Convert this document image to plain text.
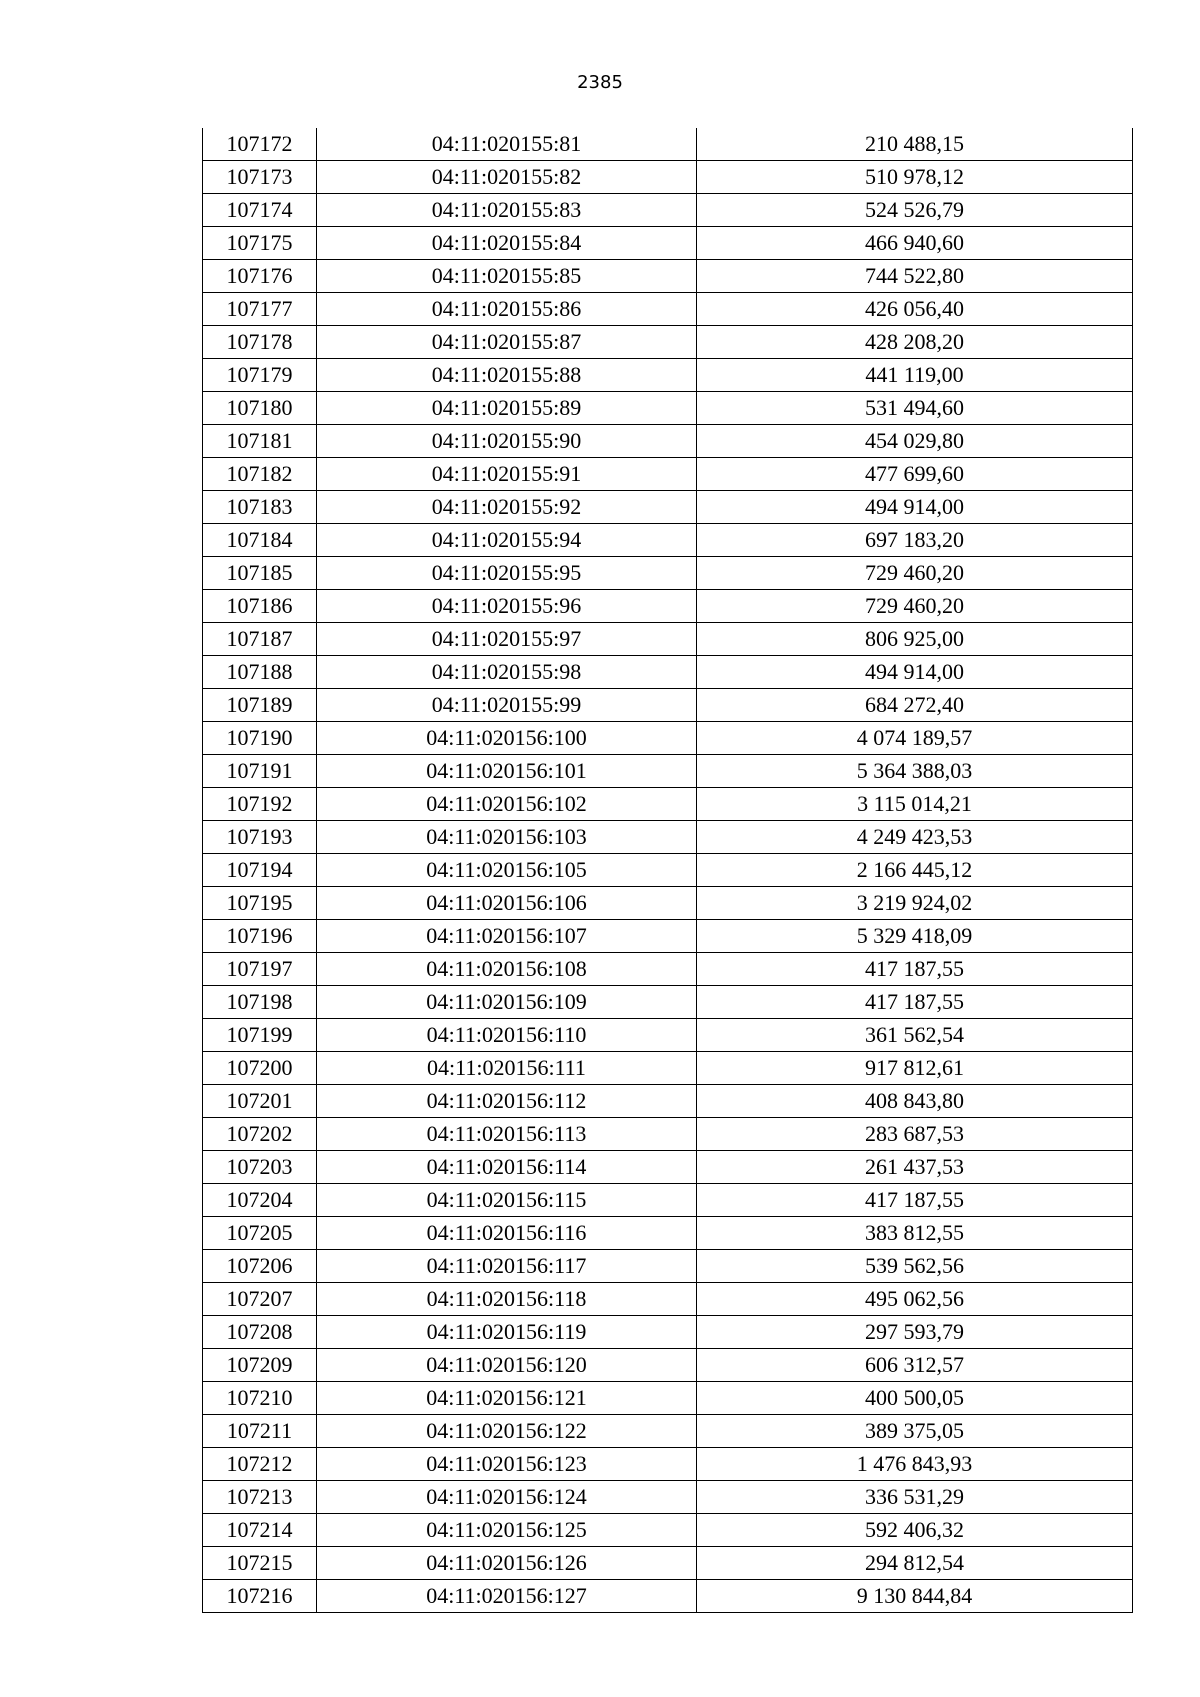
2385
107172	04:11:020155:81	210 488,15
107173	04:11:020155:82	510 978,12
107174	04:11:020155:83	524 526,79
107175	04:11:020155:84	466 940,60
107176	04:11:020155:85	744 522,80
107177	04:11:020155:86	426 056,40
107178	04:11:020155:87	428 208,20
107179	04:11:020155:88	441 119,00
107180	04:11:020155:89	531 494,60
107181	04:11:020155:90	454 029,80
107182	04:11:020155:91	477 699,60
107183	04:11:020155:92	494 914,00
107184	04:11:020155:94	697 183,20
107185	04:11:020155:95	729 460,20
107186	04:11:020155:96	729 460,20
107187	04:11:020155:97	806 925,00
107188	04:11:020155:98	494 914,00
107189	04:11:020155:99	684 272,40
107190	04:11:020156:100	4 074 189,57
107191	04:11:020156:101	5 364 388,03
107192	04:11:020156:102	3 115 014,21
107193	04:11:020156:103	4 249 423,53
107194	04:11:020156:105	2 166 445,12
107195	04:11:020156:106	3 219 924,02
107196	04:11:020156:107	5 329 418,09
107197	04:11:020156:108	417 187,55
107198	04:11:020156:109	417 187,55
107199	04:11:020156:110	361 562,54
107200	04:11:020156:111	917 812,61
107201	04:11:020156:112	408 843,80
107202	04:11:020156:113	283 687,53
107203	04:11:020156:114	261 437,53
107204	04:11:020156:115	417 187,55
107205	04:11:020156:116	383 812,55
107206	04:11:020156:117	539 562,56
107207	04:11:020156:118	495 062,56
107208	04:11:020156:119	297 593,79
107209	04:11:020156:120	606 312,57
107210	04:11:020156:121	400 500,05
107211	04:11:020156:122	389 375,05
107212	04:11:020156:123	1 476 843,93
107213	04:11:020156:124	336 531,29
107214	04:11:020156:125	592 406,32
107215	04:11:020156:126	294 812,54
107216	04:11:020156:127	9 130 844,84
